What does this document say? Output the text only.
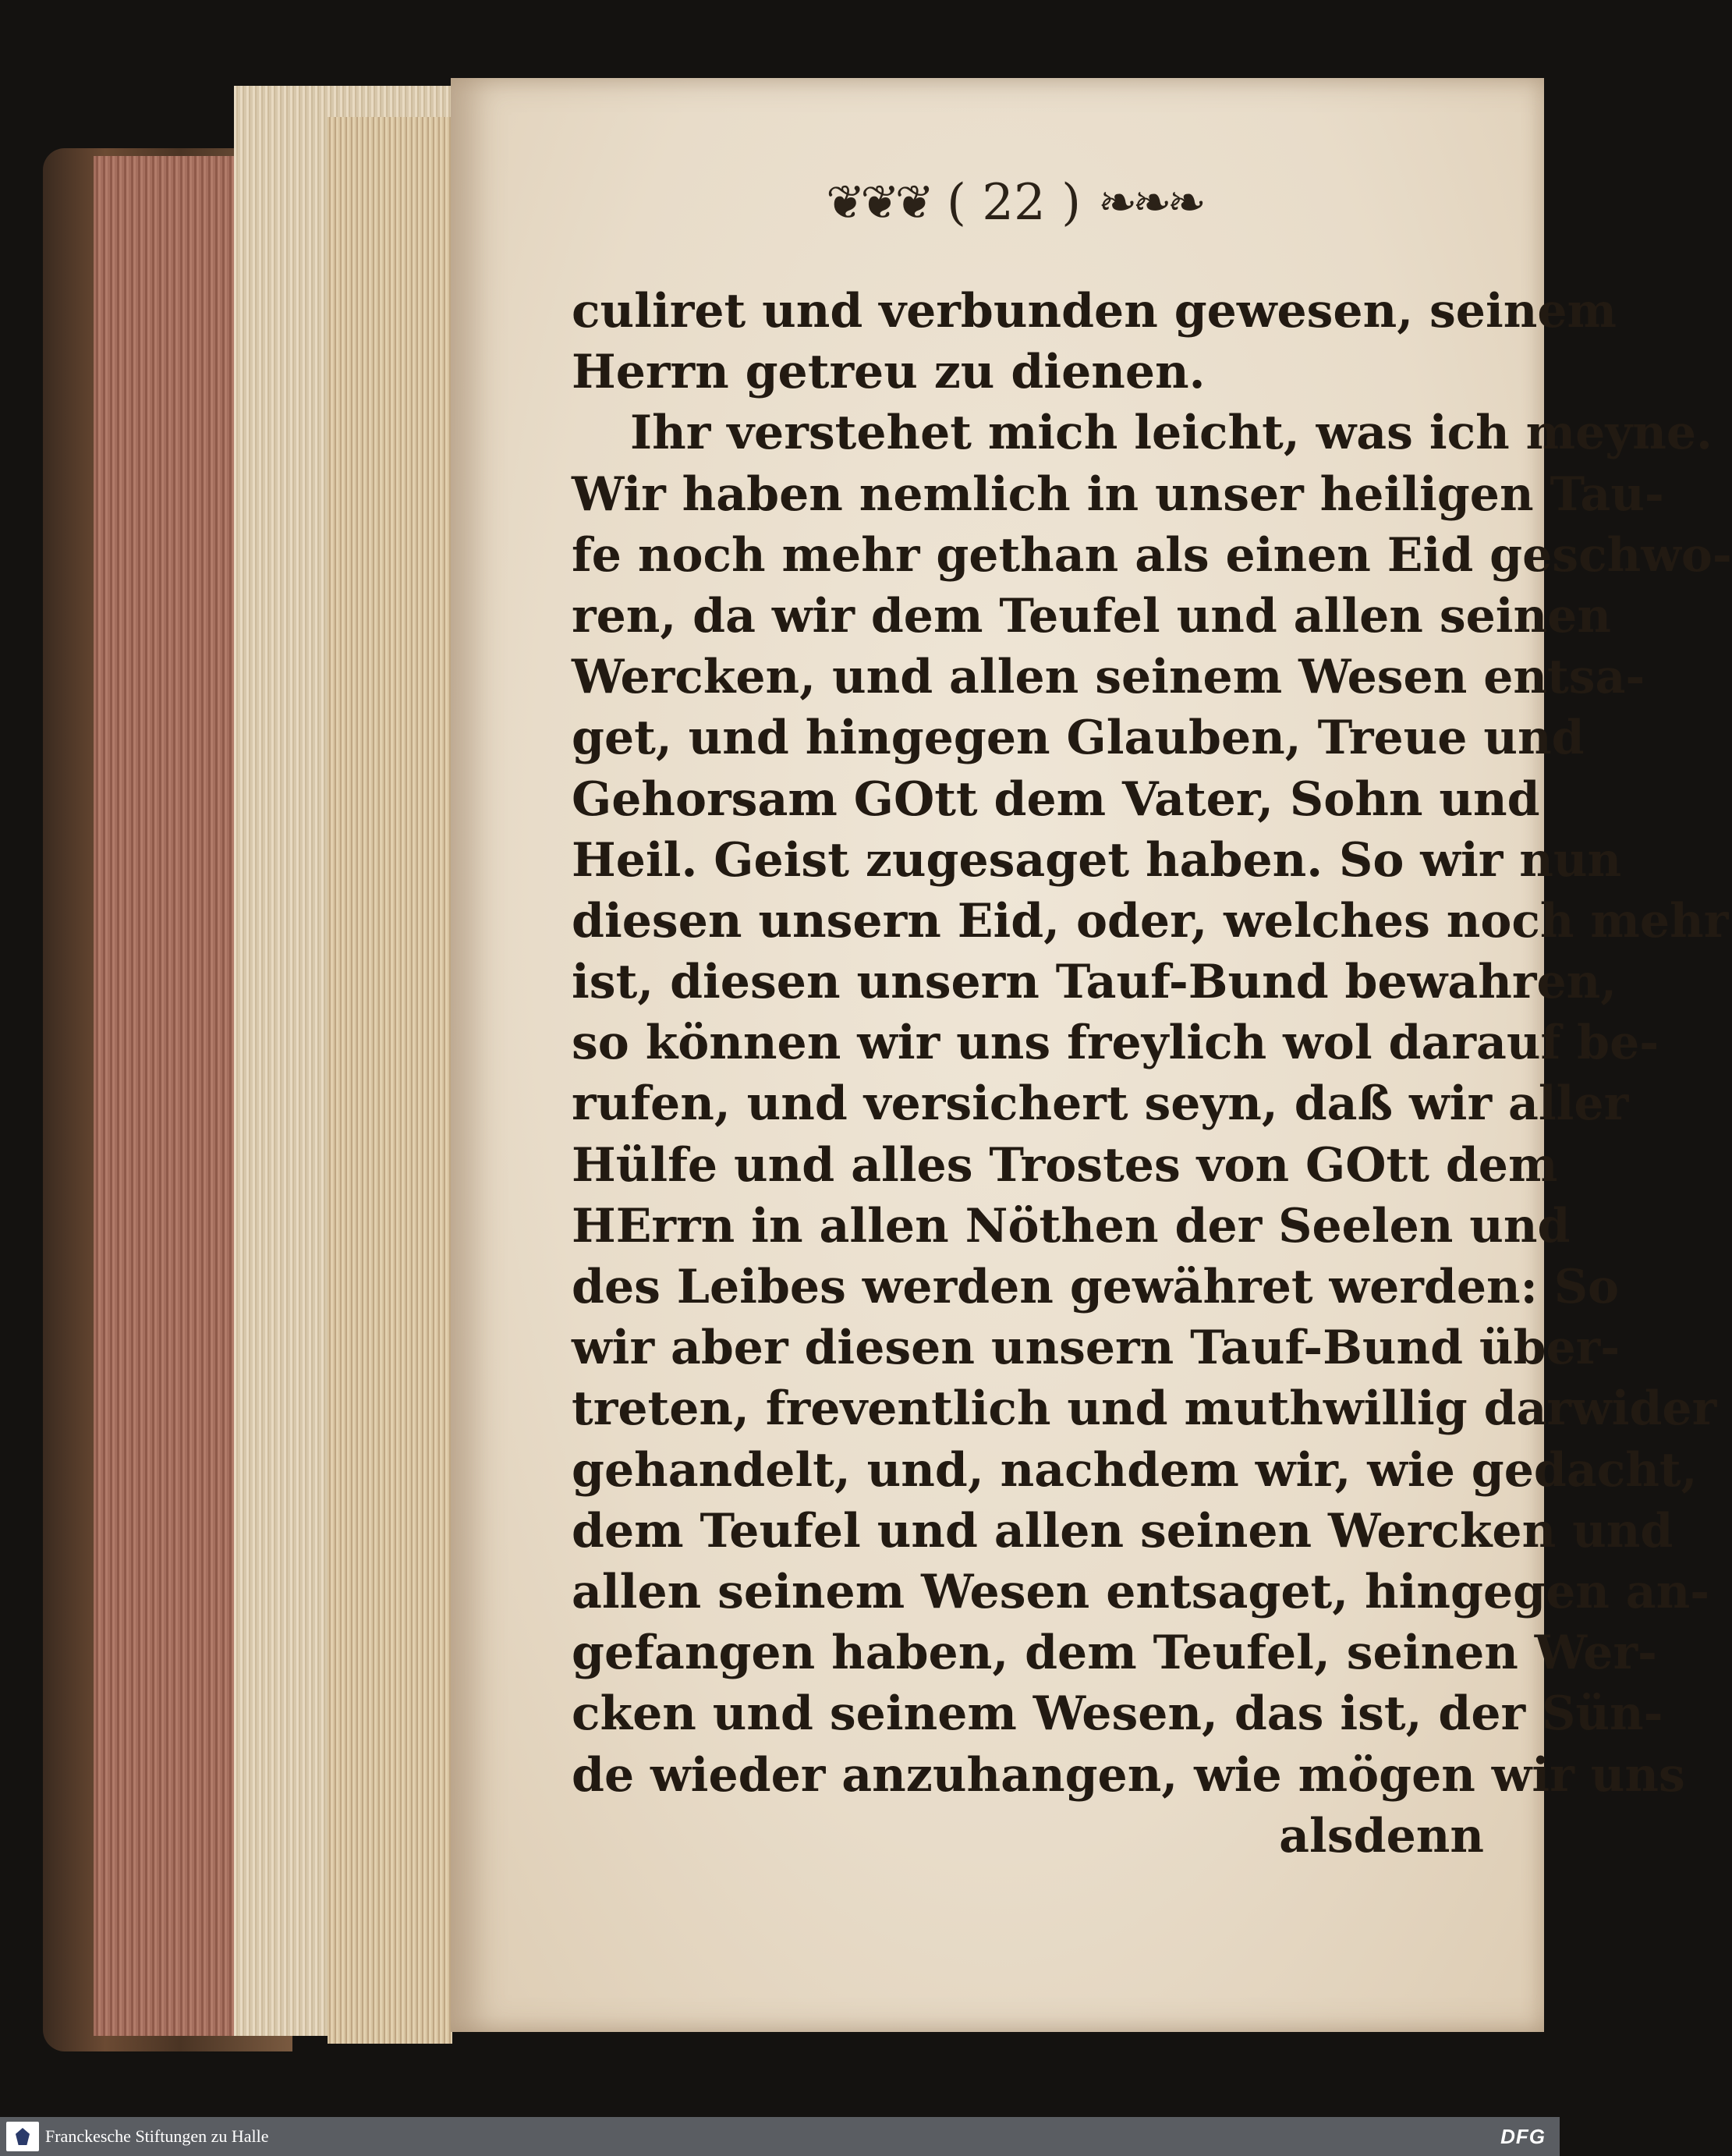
❦❦❦ ( 22 ) ❧❧❧
culiret und verbunden gewesen, seinem
Herrn getreu zu dienen.
Ihr verstehet mich leicht, was ich meyne.
Wir haben nemlich in unser heiligen Tau-
fe noch mehr gethan als einen Eid geschwo-
ren, da wir dem Teufel und allen seinen
Wercken, und allen seinem Wesen entsa-
get, und hingegen Glauben, Treue und
Gehorsam GOtt dem Vater, Sohn und
Heil. Geist zugesaget haben. So wir nun
diesen unsern Eid, oder, welches noch mehr
ist, diesen unsern Tauf-Bund bewahren,
so können wir uns freylich wol darauf be-
rufen, und versichert seyn, daß wir aller
Hülfe und alles Trostes von GOtt dem
HErrn in allen Nöthen der Seelen und
des Leibes werden gewähret werden: So
wir aber diesen unsern Tauf-Bund über-
treten, freventlich und muthwillig darwider
gehandelt, und, nachdem wir, wie gedacht,
dem Teufel und allen seinen Wercken und
allen seinem Wesen entsaget, hingegen an-
gefangen haben, dem Teufel, seinen Wer-
cken und seinem Wesen, das ist, der Sün-
de wieder anzuhangen, wie mögen wir uns
alsdenn
Franckesche Stiftungen zu Halle	DFG
